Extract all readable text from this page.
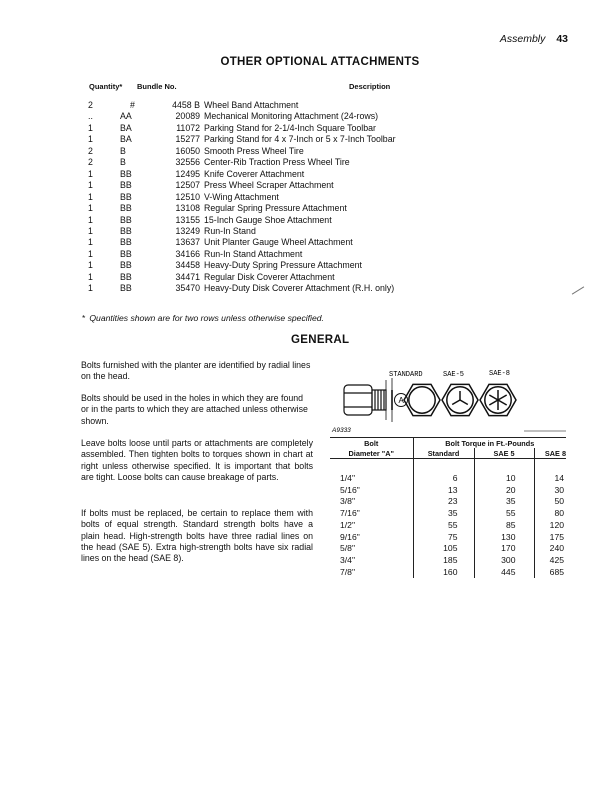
Assembly 43
OTHER OPTIONAL ATTACHMENTS
Quantity* Bundle No.	Description
2	#	4458 B	Wheel Band Attachment
..	AA	20089	Mechanical Monitoring Attachment (24-rows)
1	BA	11072	Parking Stand for 2-1/4-Inch Square Toolbar
1	BA	15277	Parking Stand for 4 x 7-Inch or 5 x 7-Inch Toolbar
2	B	16050	Smooth Press Wheel Tire
2	B	32556	Center-Rib Traction Press Wheel Tire
1	BB	12495	Knife Coverer Attachment
1	BB	12507	Press Wheel Scraper Attachment
1	BB	12510	V-Wing Attachment
1	BB	13108	Regular Spring Pressure Attachment
1	BB	13155	15-Inch Gauge Shoe Attachment
1	BB	13249	Run-In Stand
1	BB	13637	Unit Planter Gauge Wheel Attachment
1	BB	34166	Run-In Stand Attachment
1	BB	34458	Heavy-Duty Spring Pressure Attachment
1	BB	34471	Regular Disk Coverer Attachment
1	BB	35470	Heavy-Duty Disk Coverer Attachment (R.H. only)
* Quantities shown are for two rows unless otherwise specified.
GENERAL

Bolts furnished with the planter are identified by radial lines on the head.

Bolts should be used in the holes in which they are found or in the parts to which they are attached unless otherwise shown.

Leave bolts loose until parts or attachments are completely assembled. Then tighten bolts to torques shown in chart at right unless otherwise specified. It is important that bolts are tight. Loose bolts can cause breakage of parts.

If bolts must be replaced, be certain to replace them with bolts of equal strength. Standard strength bolts have a plain head. High-strength bolts have three radial lines on the head (SAE 5). Extra high-strength bolts have six radial lines on the head (SAE 8).

STANDARD	SAE-5	SAE-8
A
A9333
Bolt	Bolt Torque in Ft.-Pounds		
Diameter "A"	Standard	SAE 5	SAE 8

1/4"	6	10	14
5/16"	13	20	30
3/8"	23	35	50
7/16"	35	55	80
1/2"	55	85	120
9/16"	75	130	175
5/8"	105	170	240
3/4"	185	300	425
7/8"	160	445	685
